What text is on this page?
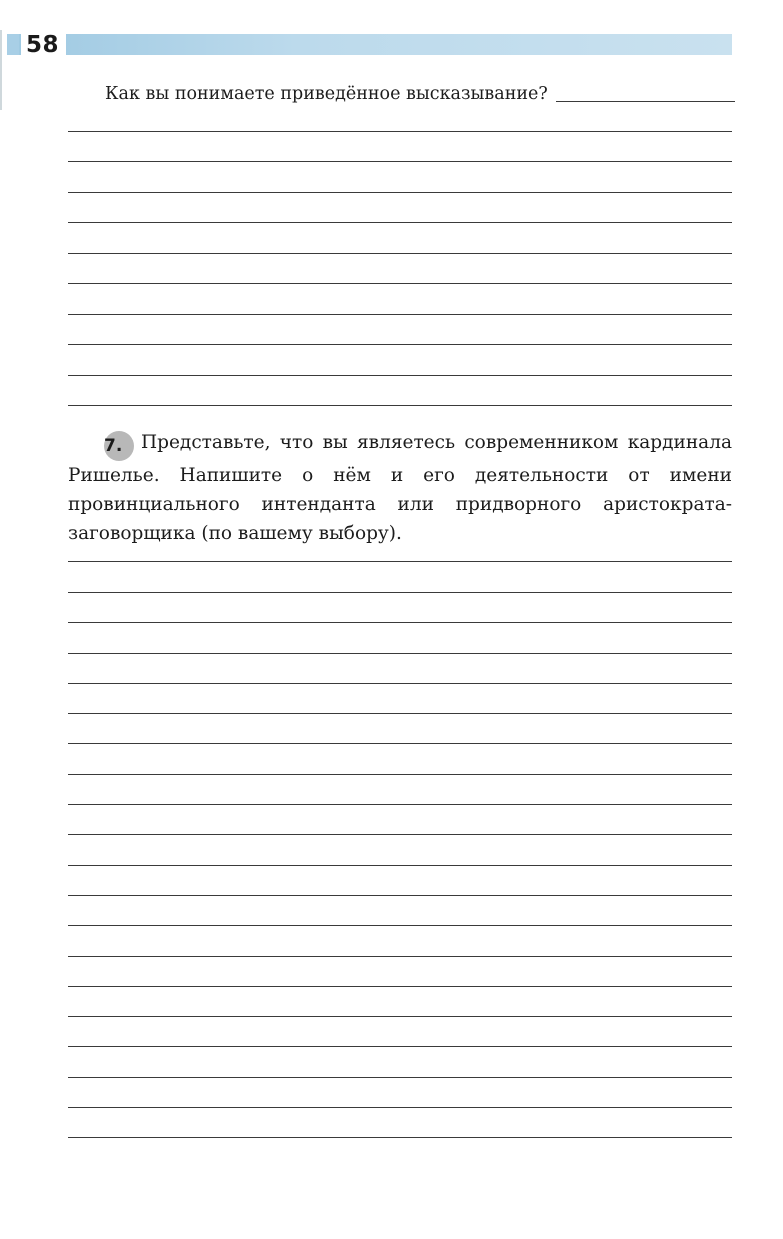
58
Как вы понимаете приведённое высказывание?
7. Представьте, что вы являетесь современником кардинала Ришелье. Напишите о нём и его деятельности от имени провинциального интенданта или придворного аристократа-заговорщика (по вашему выбору).
